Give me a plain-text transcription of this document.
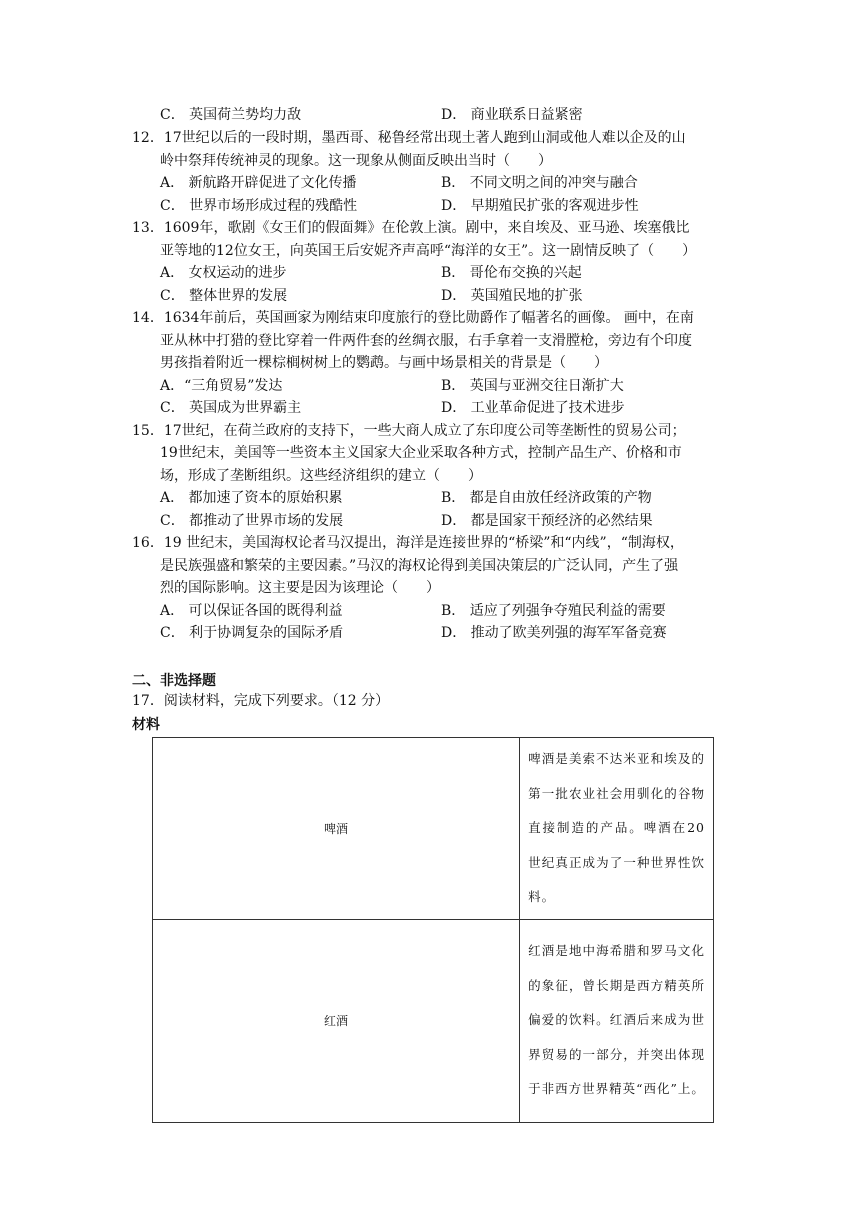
C． 英国荷兰势均力敌	D． 商业联系日益紧密
12．17世纪以后的一段时期，墨西哥、秘鲁经常出现土著人跑到山洞或他人难以企及的山
岭中祭拜传统神灵的现象。这一现象从侧面反映出当时（　　）
A． 新航路开辟促进了文化传播	B． 不同文明之间的冲突与融合
C． 世界市场形成过程的残酷性	D． 早期殖民扩张的客观进步性
13．1609年，歌剧《女王们的假面舞》在伦敦上演。剧中，来自埃及、亚马逊、埃塞俄比
亚等地的12位女王，向英国王后安妮齐声高呼“海洋的女王”。这一剧情反映了（　　）
A． 女权运动的进步	B． 哥伦布交换的兴起
C． 整体世界的发展	D． 英国殖民地的扩张
14．1634年前后，英国画家为刚结束印度旅行的登比勋爵作了幅著名的画像。 画中，在南
亚从林中打猎的登比穿着一件两件套的丝绸衣服，右手拿着一支滑膛枪，旁边有个印度
男孩指着附近一棵棕榈树树上的鹦鹉。与画中场景相关的背景是（　　）
A．“三角贸易”发达	B． 英国与亚洲交往日渐扩大
C． 英国成为世界霸主	D． 工业革命促进了技术进步
15．17世纪，在荷兰政府的支持下，一些大商人成立了东印度公司等垄断性的贸易公司；
19世纪末，美国等一些资本主义国家大企业采取各种方式，控制产品生产、价格和市
场，形成了垄断组织。这些经济组织的建立（　　）
A． 都加速了资本的原始积累	B． 都是自由放任经济政策的产物
C． 都推动了世界市场的发展	D． 都是国家干预经济的必然结果
16．19 世纪末，美国海权论者马汉提出，海洋是连接世界的“桥梁”和“内线”，“制海权，
是民族强盛和繁荣的主要因素。”马汉的海权论得到美国决策层的广泛认同，产生了强
烈的国际影响。这主要是因为该理论（　　）
A． 可以保证各国的既得利益	B． 适应了列强争夺殖民利益的需要
C． 利于协调复杂的国际矛盾	D． 推动了欧美列强的海军军备竞赛
二、非选择题
17．阅读材料，完成下列要求。（12 分）
材料
啤酒	啤酒是美索不达米亚和埃及的第一批农业社会用驯化的谷物直接制造的产品。啤酒在20世纪真正成为了一种世界性饮料。
红酒	红酒是地中海希腊和罗马文化的象征，曾长期是西方精英所偏爱的饮料。红酒后来成为世界贸易的一部分，并突出体现于非西方世界精英“西化”上。
